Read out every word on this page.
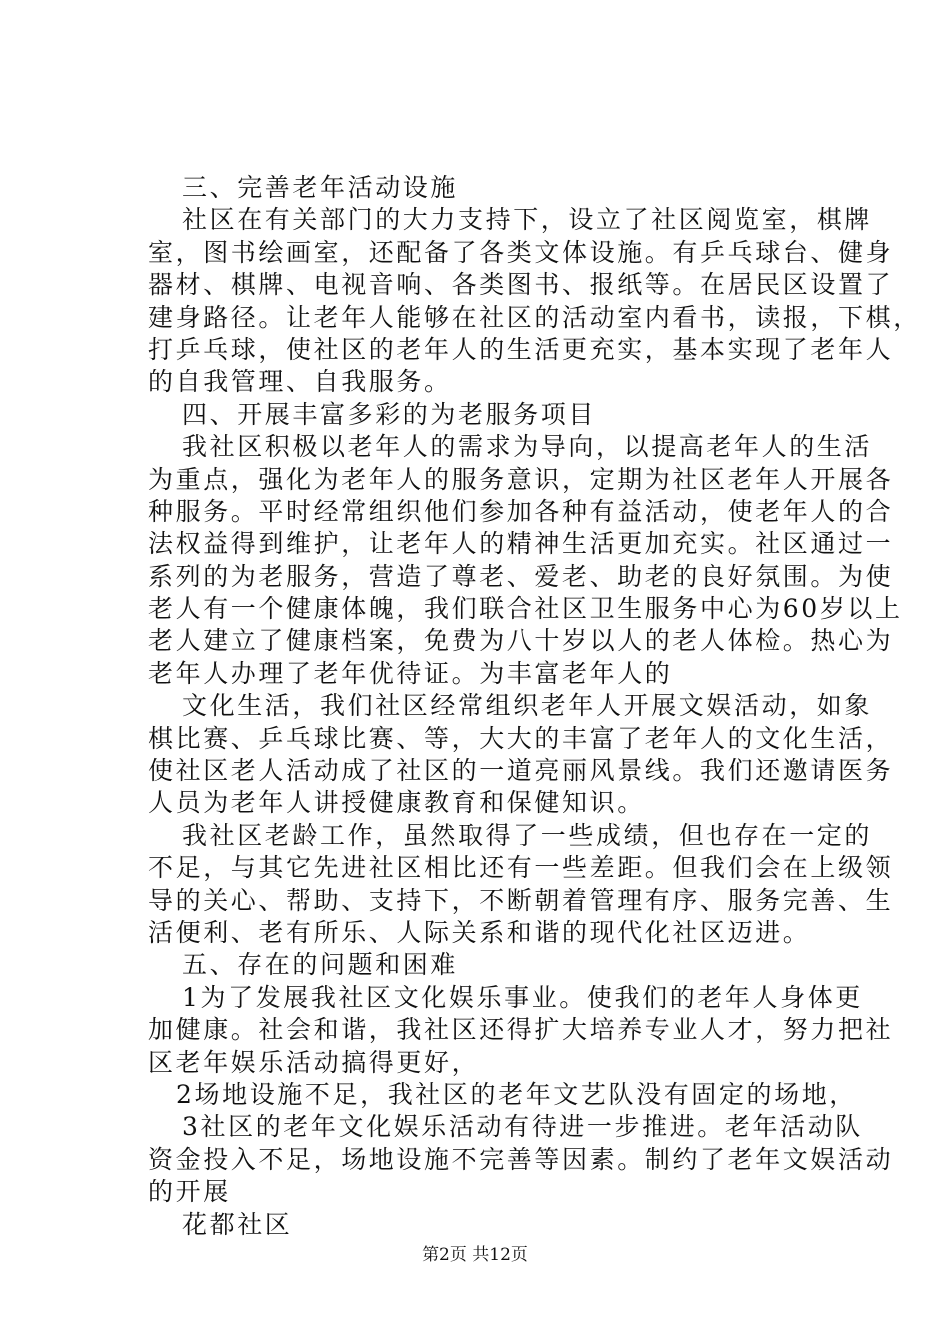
三、完善老年活动设施
社区在有关部门的大力支持下，设立了社区阅览室，棋牌
室，图书绘画室，还配备了各类文体设施。有乒乓球台、健身
器材、棋牌、电视音响、各类图书、报纸等。在居民区设置了
建身路径。让老年人能够在社区的活动室内看书，读报，下棋，
打乒乓球，使社区的老年人的生活更充实，基本实现了老年人
的自我管理、自我服务。
四、开展丰富多彩的为老服务项目
我社区积极以老年人的需求为导向，以提高老年人的生活
为重点，强化为老年人的服务意识，定期为社区老年人开展各
种服务。平时经常组织他们参加各种有益活动，使老年人的合
法权益得到维护，让老年人的精神生活更加充实。社区通过一
系列的为老服务，营造了尊老、爱老、助老的良好氛围。为使
老人有一个健康体魄，我们联合社区卫生服务中心为60岁以上
老人建立了健康档案，免费为八十岁以人的老人体检。热心为
老年人办理了老年优待证。为丰富老年人的
文化生活，我们社区经常组织老年人开展文娱活动，如象
棋比赛、乒乓球比赛、等，大大的丰富了老年人的文化生活，
使社区老人活动成了社区的一道亮丽风景线。我们还邀请医务
人员为老年人讲授健康教育和保健知识。
我社区老龄工作，虽然取得了一些成绩，但也存在一定的
不足，与其它先进社区相比还有一些差距。但我们会在上级领
导的关心、帮助、支持下，不断朝着管理有序、服务完善、生
活便利、老有所乐、人际关系和谐的现代化社区迈进。
五、存在的问题和困难
1为了发展我社区文化娱乐事业。使我们的老年人身体更
加健康。社会和谐，我社区还得扩大培养专业人才，努力把社
区老年娱乐活动搞得更好，
2场地设施不足，我社区的老年文艺队没有固定的场地，
3社区的老年文化娱乐活动有待进一步推进。老年活动队
资金投入不足，场地设施不完善等因素。制约了老年文娱活动
的开展
花都社区
第2页 共12页
